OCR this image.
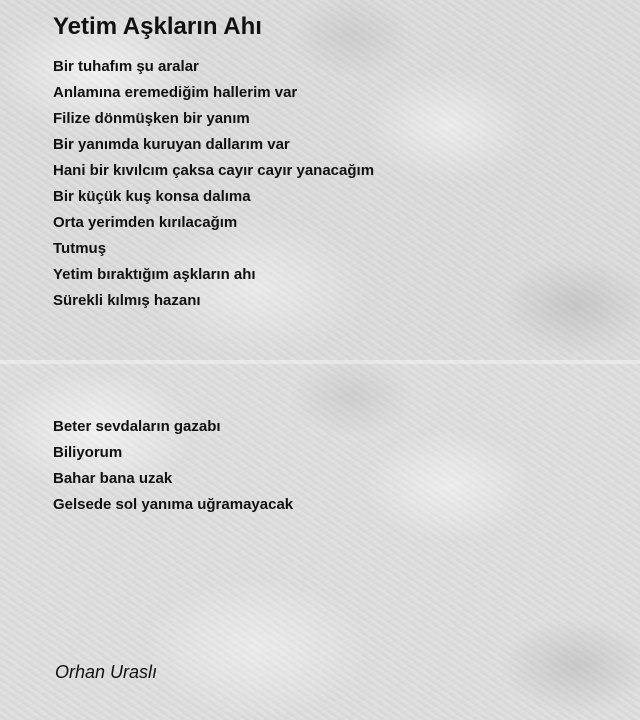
Yetim Aşkların Ahı
Bir tuhafım şu aralar
Anlamına eremediğim hallerim var
Filize dönmüşken bir yanım
Bir yanımda kuruyan dallarım var
Hani bir kıvılcım çaksa cayır cayır yanacağım
Bir küçük kuş konsa dalıma
Orta yerimden kırılacağım
Tutmuş
Yetim bıraktığım aşkların ahı
Sürekli kılmış hazanı
Beter sevdaların gazabı
Biliyorum
Bahar bana uzak
Gelsede sol yanıma uğramayacak
Orhan Uraslı
